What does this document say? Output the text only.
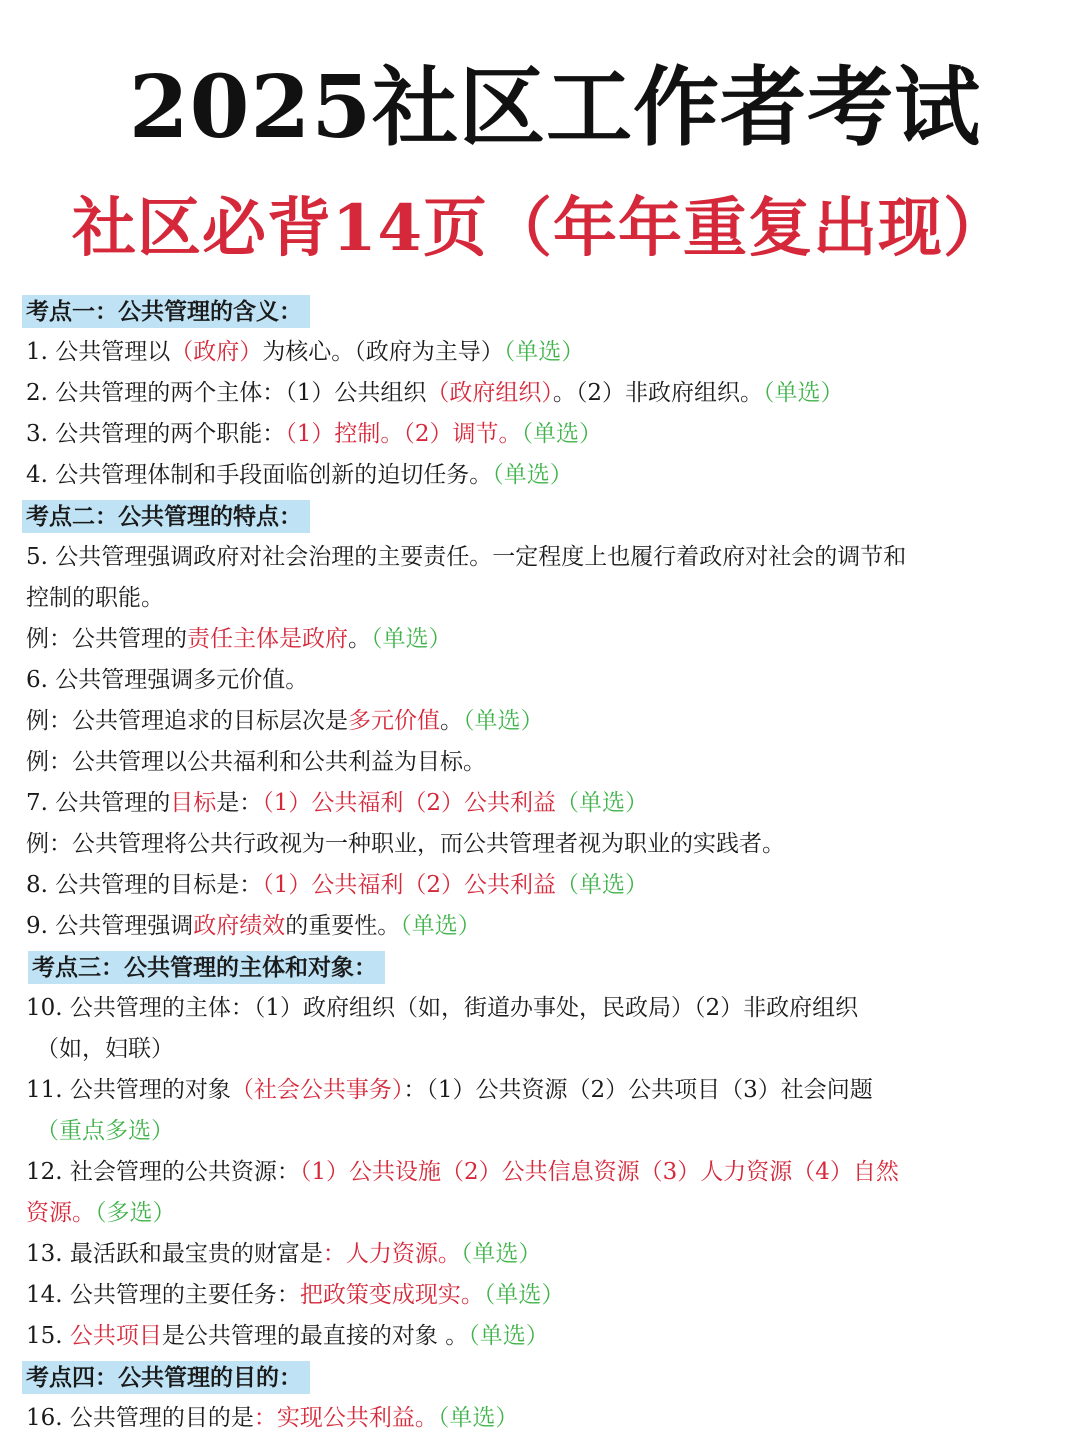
2025社区工作者考试
社区必背14页（年年重复出现）
考点一：公共管理的含义：
1. 公共管理以（政府）为核心。（政府为主导）（单选）
2. 公共管理的两个主体：（1）公共组织（政府组织）。（2）非政府组织。（单选）
3. 公共管理的两个职能：（1）控制。（2）调节。（单选）
4. 公共管理体制和手段面临创新的迫切任务。（单选）
考点二：公共管理的特点：
5. 公共管理强调政府对社会治理的主要责任。一定程度上也履行着政府对社会的调节和
控制的职能。
例：公共管理的责任主体是政府。（单选）
6. 公共管理强调多元价值。
例：公共管理追求的目标层次是多元价值。（单选）
例：公共管理以公共福利和公共利益为目标。
7. 公共管理的目标是：（1）公共福利（2）公共利益（单选）
例：公共管理将公共行政视为一种职业，而公共管理者视为职业的实践者。
8. 公共管理的目标是：（1）公共福利（2）公共利益（单选）
9. 公共管理强调政府绩效的重要性。（单选）
考点三：公共管理的主体和对象：
10. 公共管理的主体：（1）政府组织（如，街道办事处，民政局）（2）非政府组织
（如，妇联）
11. 公共管理的对象（社会公共事务）：（1）公共资源（2）公共项目（3）社会问题
（重点多选）
12. 社会管理的公共资源：（1）公共设施（2）公共信息资源（3）人力资源（4）自然
资源。（多选）
13. 最活跃和最宝贵的财富是：人力资源。（单选）
14. 公共管理的主要任务：把政策变成现实。（单选）
15. 公共项目是公共管理的最直接的对象 。（单选）
考点四：公共管理的目的：
16. 公共管理的目的是：实现公共利益。（单选）
